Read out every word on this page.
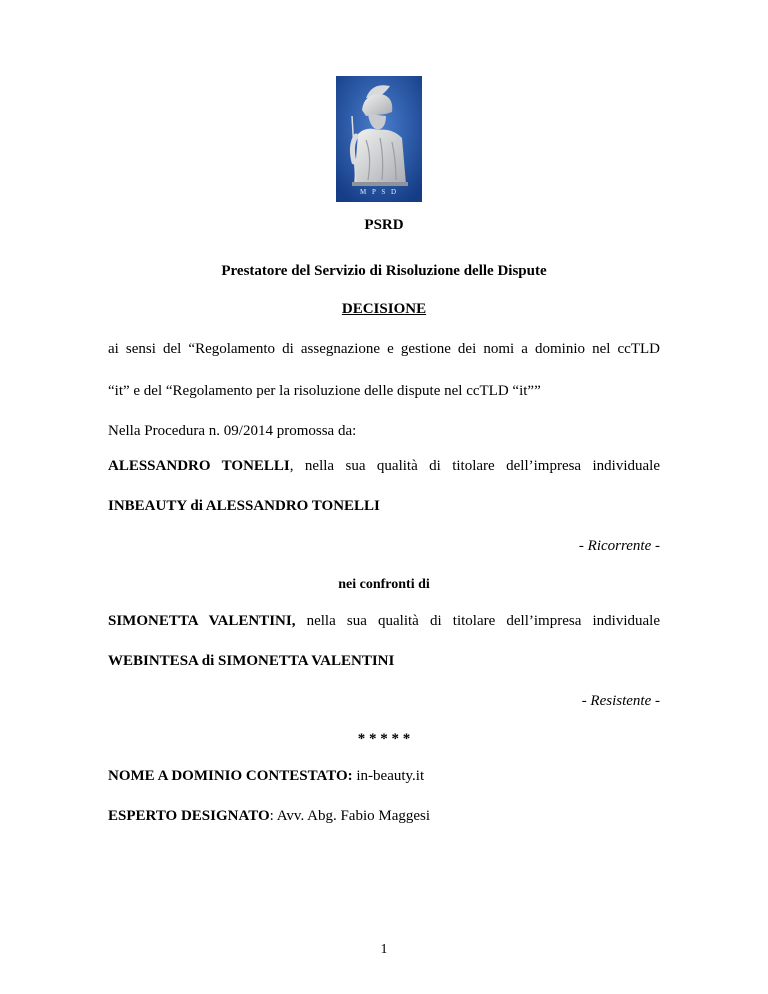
M P S D
PSRD
Prestatore del Servizio di Risoluzione delle Dispute
DECISIONE
ai sensi del “Regolamento di assegnazione e gestione dei nomi a dominio nel ccTLD
“it” e del “Regolamento per la risoluzione delle dispute nel ccTLD “it””
Nella Procedura n. 09/2014 promossa da:
ALESSANDRO TONELLI, nella sua qualità di titolare dell’impresa individuale
INBEAUTY di ALESSANDRO TONELLI
- Ricorrente -
nei confronti di
SIMONETTA VALENTINI, nella sua qualità di titolare dell’impresa individuale
WEBINTESA di SIMONETTA VALENTINI
- Resistente -
* * * * *
NOME A DOMINIO CONTESTATO: in-beauty.it
ESPERTO DESIGNATO: Avv. Abg. Fabio Maggesi
1
